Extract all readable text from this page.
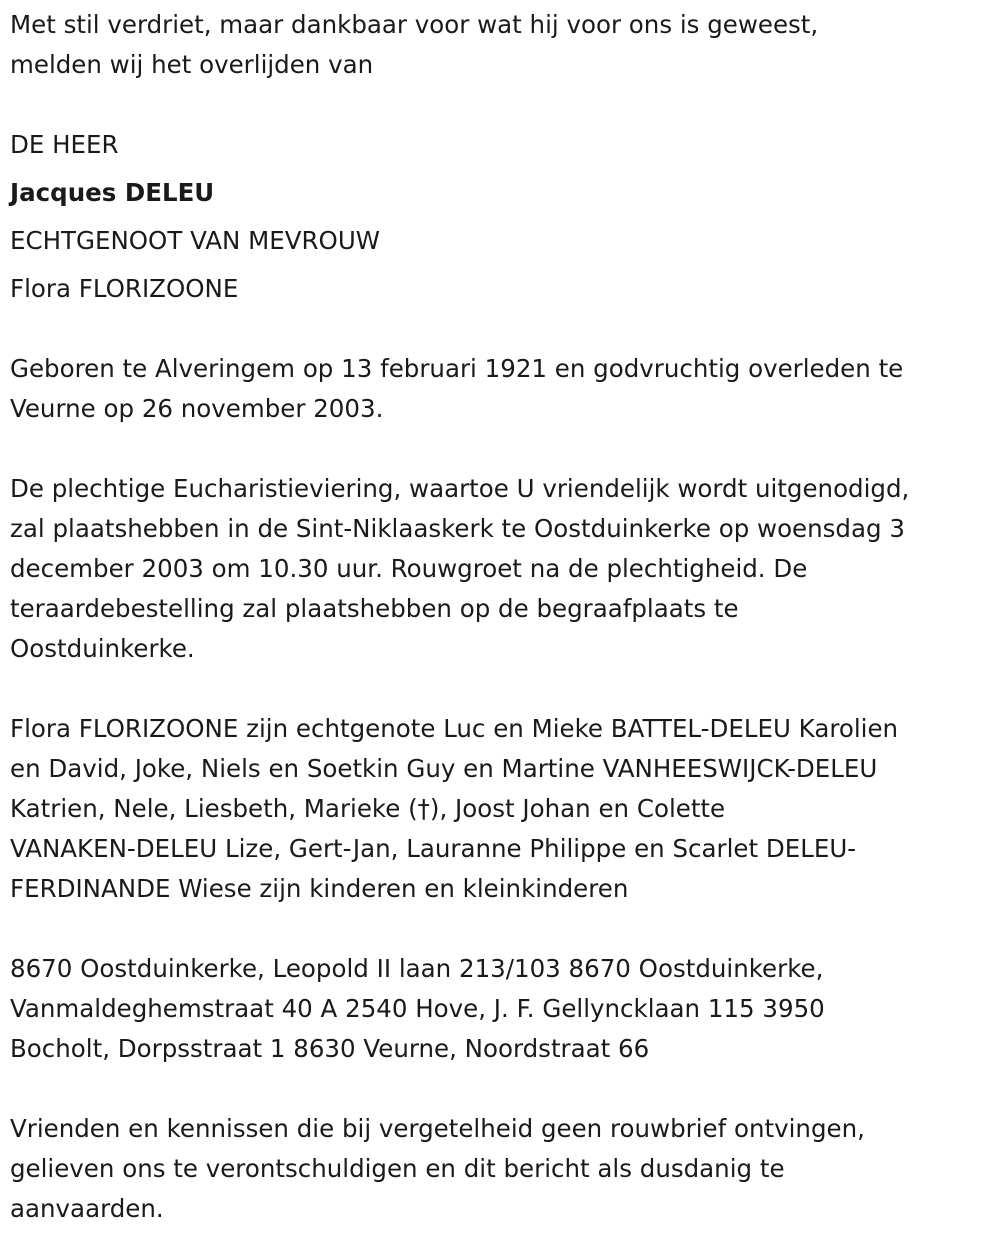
Met stil verdriet, maar dankbaar voor wat hij voor ons is geweest,
melden wij het overlijden van

DE HEER

Jacques DELEU

ECHTGENOOT VAN MEVROUW

Flora FLORIZOONE

Geboren te Alveringem op 13 februari 1921 en godvruchtig overleden te
Veurne op 26 november 2003.

De plechtige Eucharistieviering, waartoe U vriendelijk wordt uitgenodigd,
zal plaatshebben in de Sint-Niklaaskerk te Oostduinkerke op woensdag 3
december 2003 om 10.30 uur. Rouwgroet na de plechtigheid. De
teraardebestelling zal plaatshebben op de begraafplaats te
Oostduinkerke.

Flora FLORIZOONE zijn echtgenote Luc en Mieke BATTEL-DELEU Karolien
en David, Joke, Niels en Soetkin Guy en Martine VANHEESWIJCK-DELEU
Katrien, Nele, Liesbeth, Marieke (†), Joost Johan en Colette
VANAKEN-DELEU Lize, Gert-Jan, Lauranne Philippe en Scarlet DELEU-
FERDINANDE Wiese zijn kinderen en kleinkinderen

8670 Oostduinkerke, Leopold II laan 213/103 8670 Oostduinkerke,
Vanmaldeghemstraat 40 A 2540 Hove, J. F. Gellyncklaan 115 3950
Bocholt, Dorpsstraat 1 8630 Veurne, Noordstraat 66

Vrienden en kennissen die bij vergetelheid geen rouwbrief ontvingen,
gelieven ons te verontschuldigen en dit bericht als dusdanig te
aanvaarden.
